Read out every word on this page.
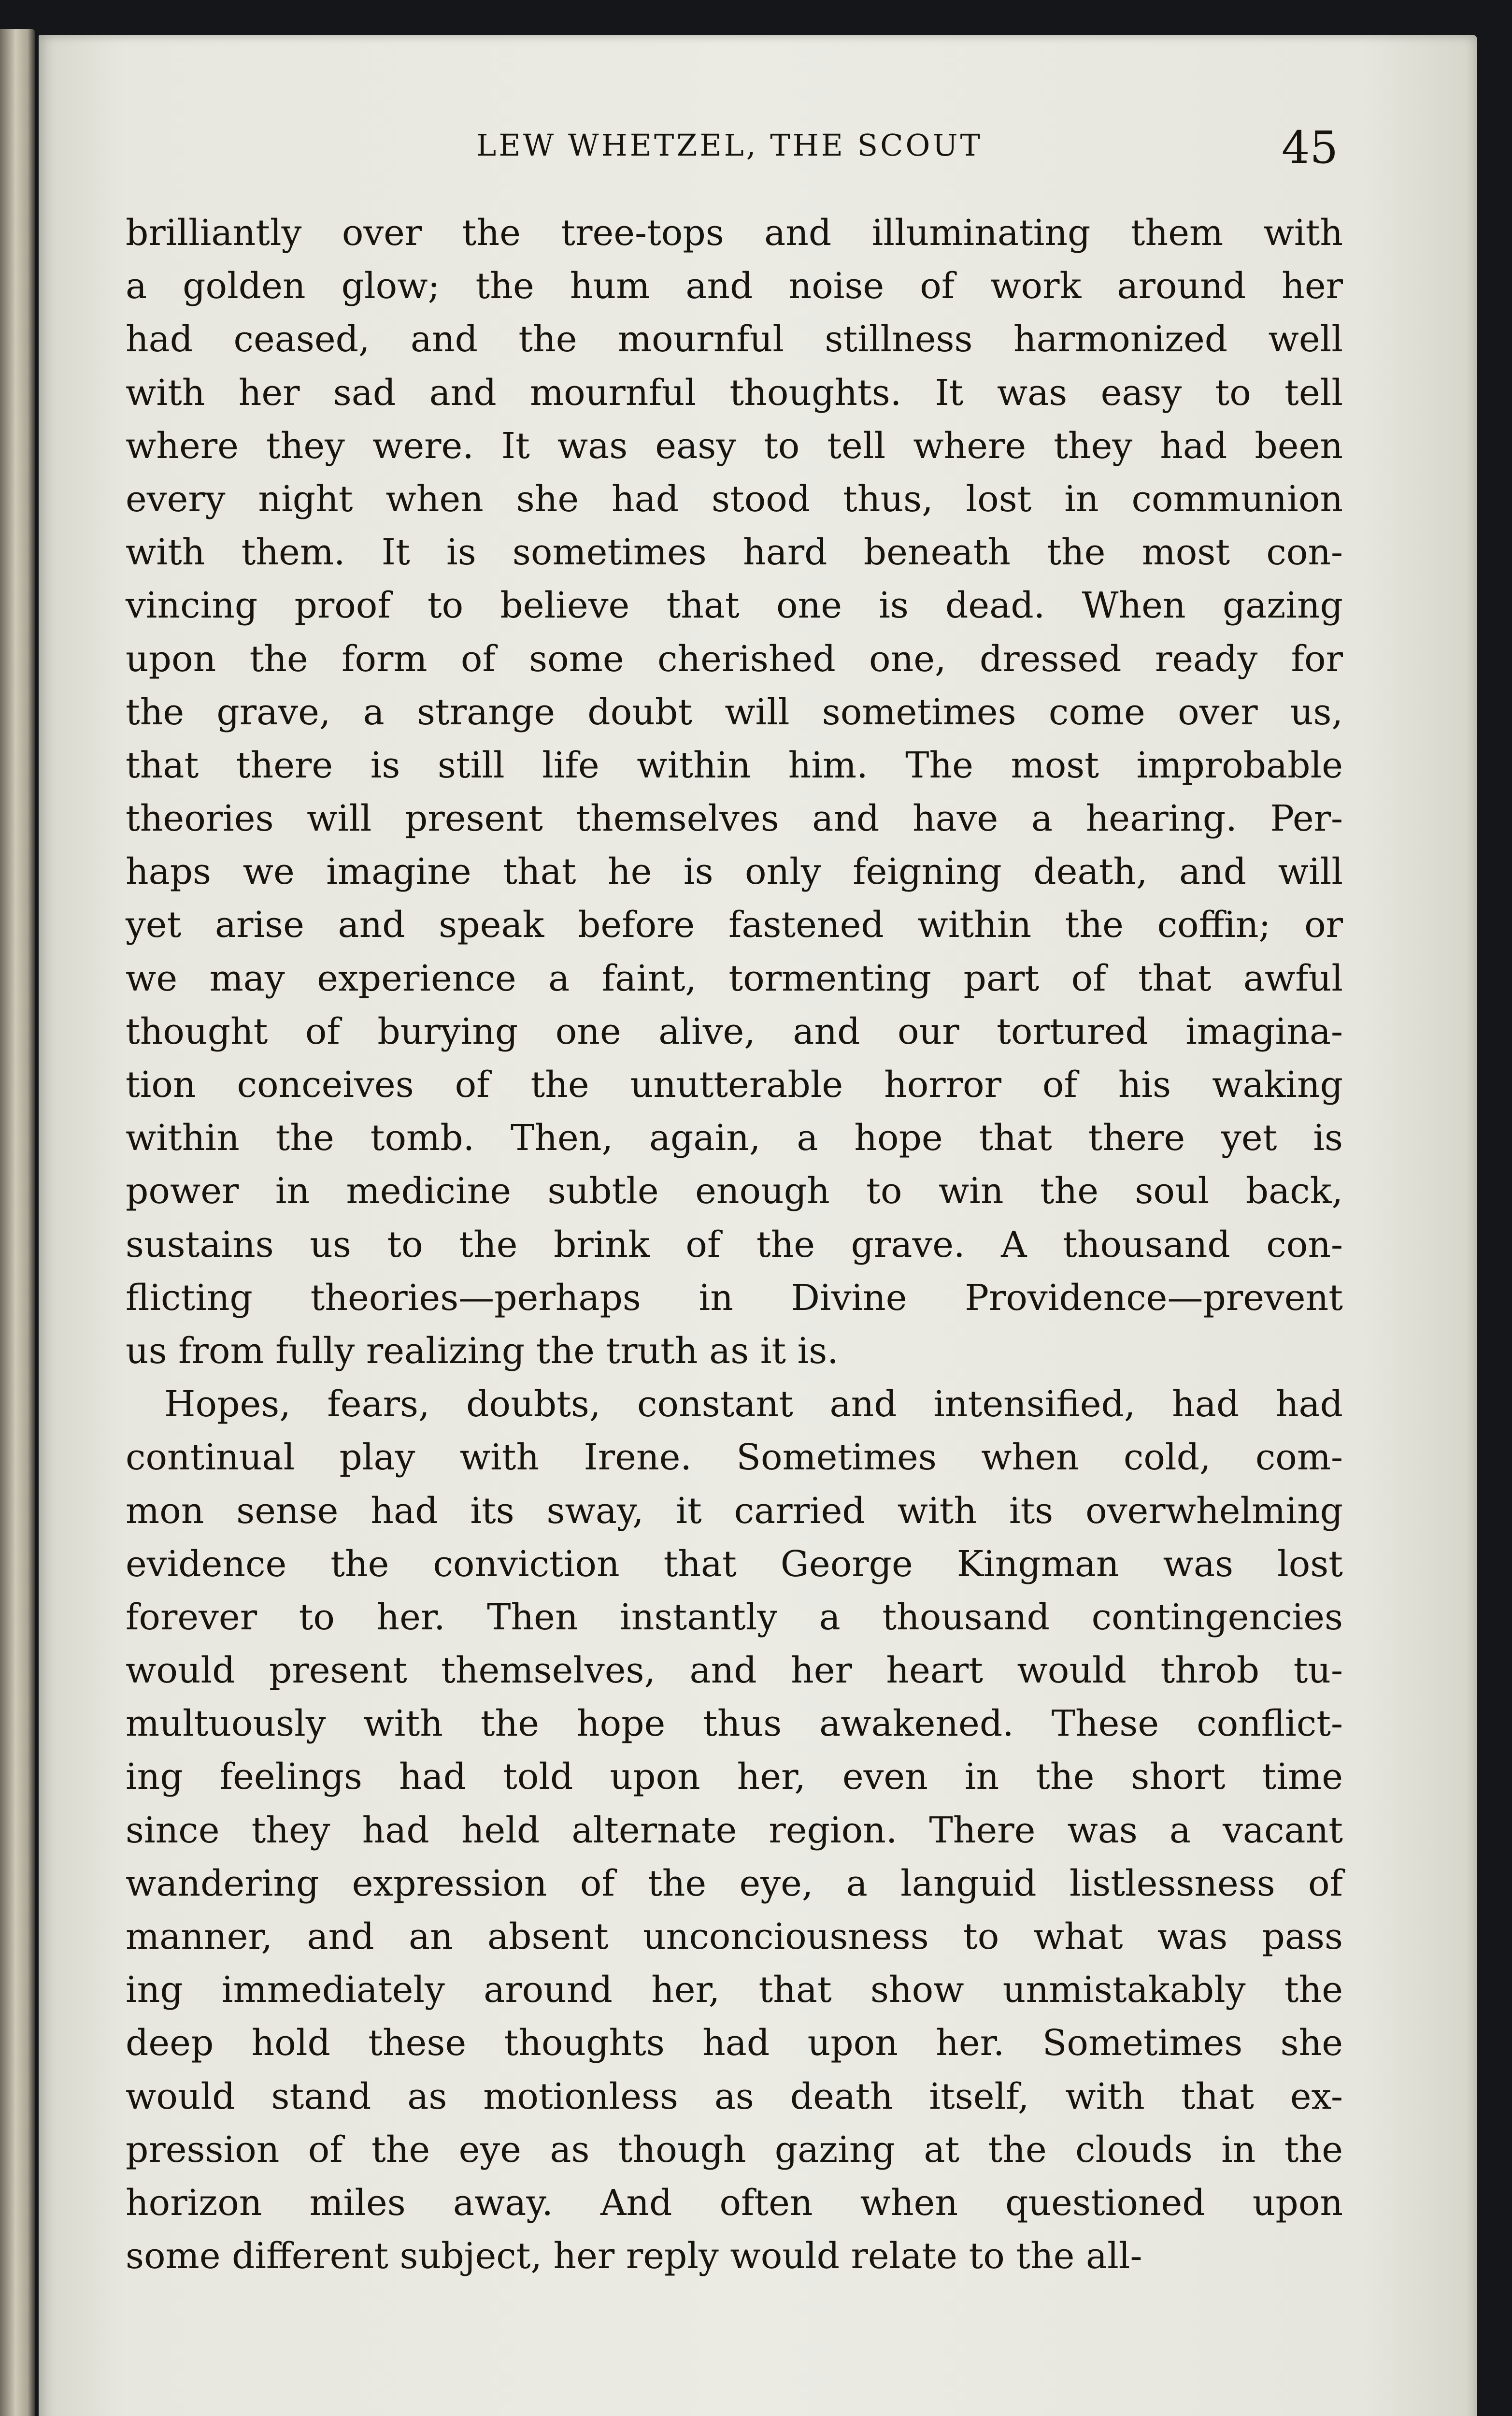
LEW WHETZEL, THE SCOUT	45
brilliantly over the tree-tops and illuminating them with
a golden glow; the hum and noise of work around her
had ceased, and the mournful stillness harmonized well
with her sad and mournful thoughts. It was easy to tell
where they were. It was easy to tell where they had been
every night when she had stood thus, lost in communion
with them. It is sometimes hard beneath the most con-
vincing proof to believe that one is dead. When gazing
upon the form of some cherished one, dressed ready for
the grave, a strange doubt will sometimes come over us,
that there is still life within him. The most improbable
theories will present themselves and have a hearing. Per-
haps we imagine that he is only feigning death, and will
yet arise and speak before fastened within the coffin; or
we may experience a faint, tormenting part of that awful
thought of burying one alive, and our tortured imagina-
tion conceives of the unutterable horror of his waking
within the tomb. Then, again, a hope that there yet is
power in medicine subtle enough to win the soul back,
sustains us to the brink of the grave. A thousand con-
flicting theories—perhaps in Divine Providence—prevent
us from fully realizing the truth as it is.
Hopes, fears, doubts, constant and intensified, had had
continual play with Irene. Sometimes when cold, com-
mon sense had its sway, it carried with its overwhelming
evidence the conviction that George Kingman was lost
forever to her. Then instantly a thousand contingencies
would present themselves, and her heart would throb tu-
multuously with the hope thus awakened. These conflict-
ing feelings had told upon her, even in the short time
since they had held alternate region. There was a vacant
wandering expression of the eye, a languid listlessness of
manner, and an absent unconciousness to what was pass
ing immediately around her, that show unmistakably the
deep hold these thoughts had upon her. Sometimes she
would stand as motionless as death itself, with that ex-
pression of the eye as though gazing at the clouds in the
horizon miles away. And often when questioned upon
some different subject, her reply would relate to the all-
